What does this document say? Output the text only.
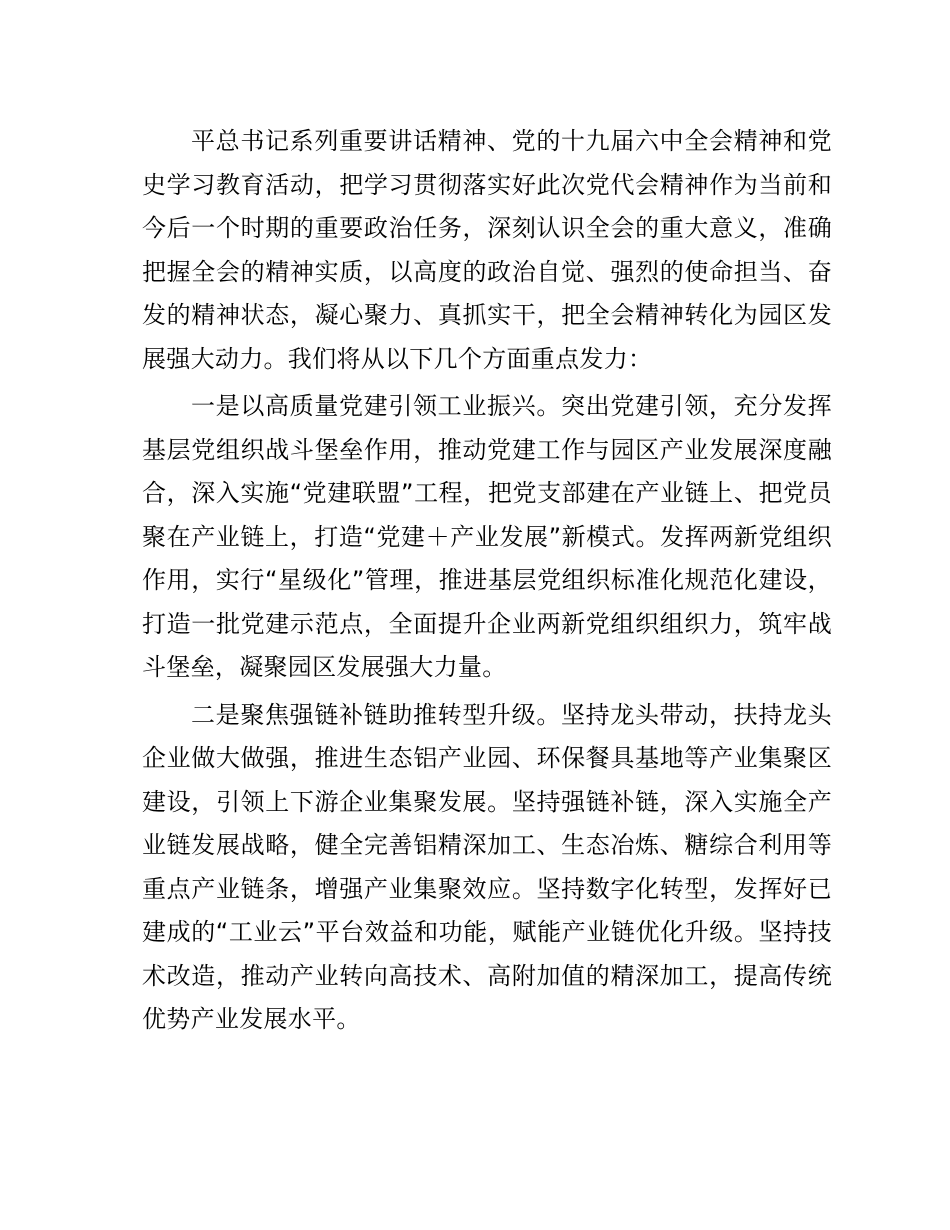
平总书记系列重要讲话精神、党的十九届六中全会精神和党史学习教育活动，把学习贯彻落实好此次党代会精神作为当前和今后一个时期的重要政治任务，深刻认识全会的重大意义，准确把握全会的精神实质，以高度的政治自觉、强烈的使命担当、奋发的精神状态，凝心聚力、真抓实干，把全会精神转化为园区发展强大动力。我们将从以下几个方面重点发力：

一是以高质量党建引领工业振兴。突出党建引领，充分发挥基层党组织战斗堡垒作用，推动党建工作与园区产业发展深度融合，深入实施“党建联盟”工程，把党支部建在产业链上、把党员聚在产业链上，打造“党建＋产业发展”新模式。发挥两新党组织作用，实行“星级化”管理，推进基层党组织标准化规范化建设，打造一批党建示范点，全面提升企业两新党组织组织力，筑牢战斗堡垒，凝聚园区发展强大力量。

二是聚焦强链补链助推转型升级。坚持龙头带动，扶持龙头企业做大做强，推进生态铝产业园、环保餐具基地等产业集聚区建设，引领上下游企业集聚发展。坚持强链补链，深入实施全产业链发展战略，健全完善铝精深加工、生态冶炼、糖综合利用等重点产业链条，增强产业集聚效应。坚持数字化转型，发挥好已建成的“工业云”平台效益和功能，赋能产业链优化升级。坚持技术改造，推动产业转向高技术、高附加值的精深加工，提高传统优势产业发展水平。
